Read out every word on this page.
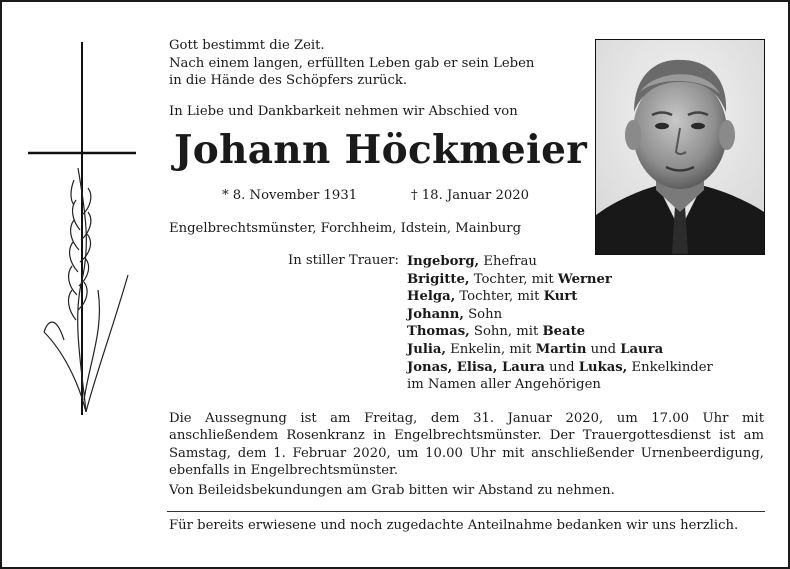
Gott bestimmt die Zeit.
Nach einem langen, erfüllten Leben gab er sein Leben
in die Hände des Schöpfers zurück.
In Liebe und Dankbarkeit nehmen wir Abschied von
Johann Höckmeier
* 8. November 1931	† 18. Januar 2020
Engelbrechtsmünster, Forchheim, Idstein, Mainburg
In stiller Trauer: Ingeborg, Ehefrau
Brigitte, Tochter, mit Werner
Helga, Tochter, mit Kurt
Johann, Sohn
Thomas, Sohn, mit Beate
Julia, Enkelin, mit Martin und Laura
Jonas, Elisa, Laura und Lukas, Enkelkinder
im Namen aller Angehörigen
Die Aussegnung ist am Freitag, dem 31. Januar 2020, um 17.00 Uhr mit anschließendem Rosenkranz in Engelbrechtsmünster. Der Trauergottesdienst ist am Samstag, dem 1. Februar 2020, um 10.00 Uhr mit anschließender Urnenbeerdigung, ebenfalls in Engelbrechtsmünster.
Von Beileidsbekundungen am Grab bitten wir Abstand zu nehmen.
Für bereits erwiesene und noch zugedachte Anteilnahme bedanken wir uns herzlich.
